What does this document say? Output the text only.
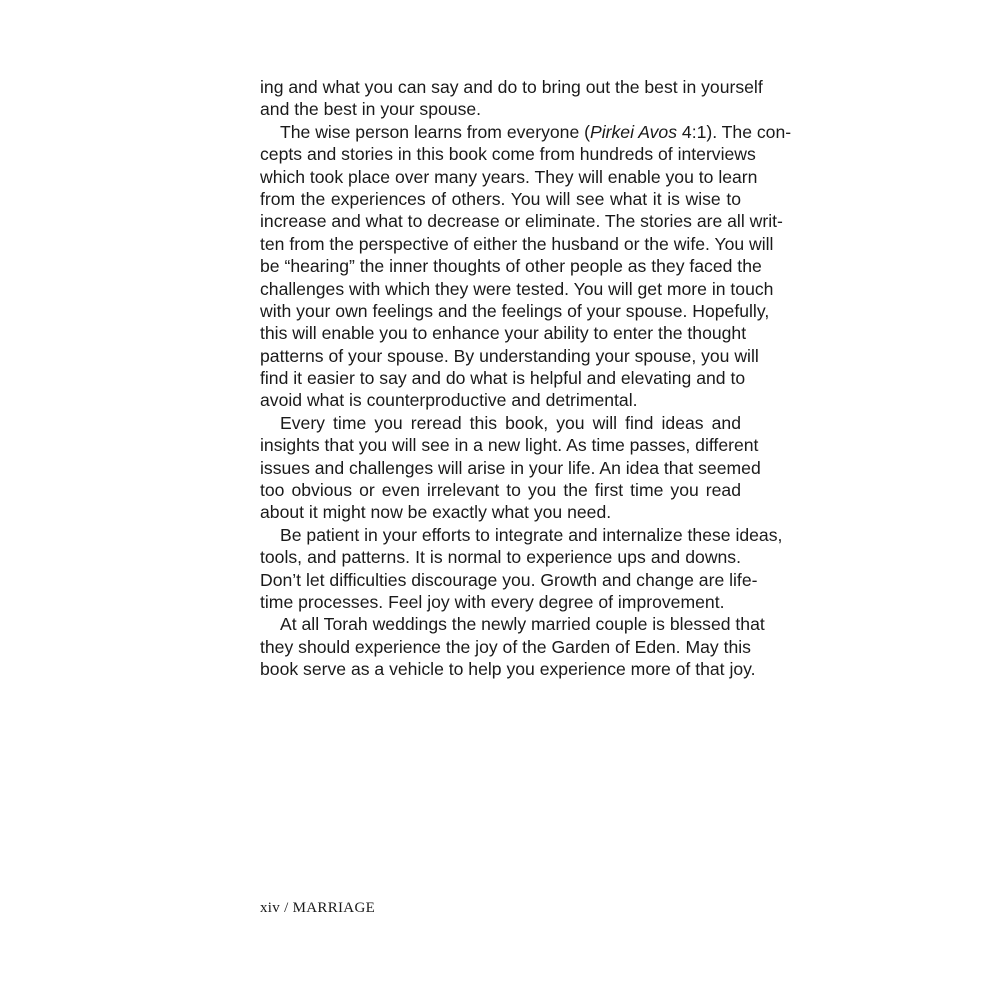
ing and what you can say and do to bring out the best in yourself
and the best in your spouse.
The wise person learns from everyone (Pirkei Avos 4:1). The con-
cepts and stories in this book come from hundreds of interviews
which took place over many years. They will enable you to learn
from the experiences of others. You will see what it is wise to
increase and what to decrease or eliminate. The stories are all writ-
ten from the perspective of either the husband or the wife. You will
be “hearing” the inner thoughts of other people as they faced the
challenges with which they were tested. You will get more in touch
with your own feelings and the feelings of your spouse. Hopefully,
this will enable you to enhance your ability to enter the thought
patterns of your spouse. By understanding your spouse, you will
find it easier to say and do what is helpful and elevating and to
avoid what is counterproductive and detrimental.
Every time you reread this book, you will find ideas and
insights that you will see in a new light. As time passes, different
issues and challenges will arise in your life. An idea that seemed
too obvious or even irrelevant to you the first time you read
about it might now be exactly what you need.
Be patient in your efforts to integrate and internalize these ideas,
tools, and patterns. It is normal to experience ups and downs.
Don’t let difficulties discourage you. Growth and change are life-
time processes. Feel joy with every degree of improvement.
At all Torah weddings the newly married couple is blessed that
they should experience the joy of the Garden of Eden. May this
book serve as a vehicle to help you experience more of that joy.
xiv / MARRIAGE
